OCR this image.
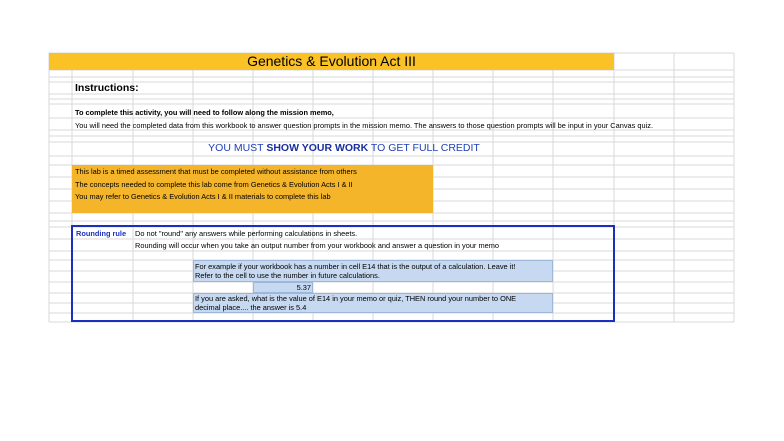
Genetics & Evolution Act III
Instructions:
To complete this activity, you will need to follow along the mission memo,
You will need the completed data from this workbook to answer question prompts in the mission memo. The answers to those question prompts will be input in your Canvas quiz.
YOU MUST SHOW YOUR WORK TO GET FULL CREDIT
This lab is a timed assessment that must be completed without assistance from others
The concepts needed to complete this lab come from Genetics & Evolution Acts I & II
You may refer to Genetics & Evolution Acts I & II materials to complete this lab
Rounding rule Do not "round" any answers while performing calculations in sheets.
Rounding will occur when you take an output number from your workbook and answer a question in your memo
For example if your workbook has a number in cell E14 that is the output of a calculation. Leave it!
Refer to the cell to use the number in future calculations.
5.37
If you are asked, what is the value of E14 in your memo or quiz, THEN round your number to ONE
decimal place.... the answer is 5.4
